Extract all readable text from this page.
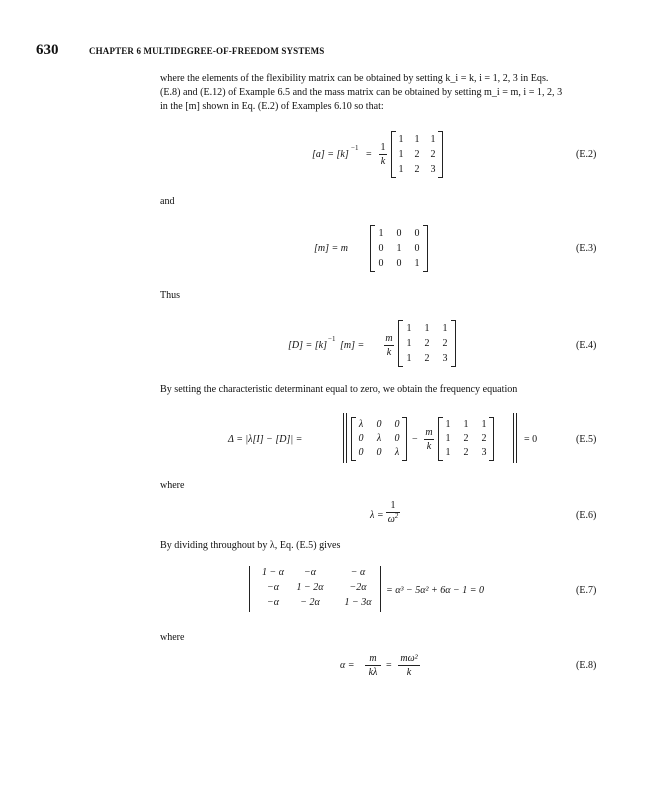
630	CHAPTER 6 MULTIDEGREE-OF-FREEDOM SYSTEMS
where the elements of the flexibility matrix can be obtained by setting k_i = k, i = 1, 2, 3 in Eqs.
(E.8) and (E.12) of Example 6.5 and the mass matrix can be obtained by setting m_i = m, i = 1, 2, 3
in the [m] shown in Eq. (E.2) of Examples 6.10 so that:
[a] = [k]
−1
=
1
k
1	1	1
1	2	2
1	2	3
(E.2)
and
[m] = m
1	0	0
0	1	0
0	0	1
(E.3)
Thus
[D] = [k]
−1
[m] =
m
k
1	1	1
1	2	2
1	2	3
(E.4)
By setting the characteristic determinant equal to zero, we obtain the frequency equation
Δ = |λ[I] − [D]| =
λ	0	0
0	λ	0
0	0	λ
−
m
k
1	1	1
1	2	2
1	2	3
= 0	(E.5)
where
λ =
1
$\omega^2$	(E.6)
By dividing throughout by λ, Eq. (E.5) gives
1 − α	−α	− α
−α	1 − 2α	−2α
−α	− 2α	1 − 3α
= α³ − 5α² + 6α − 1 = 0	(E.7)
where
α =
m
kλ
=
mω²
k
(E.8)
